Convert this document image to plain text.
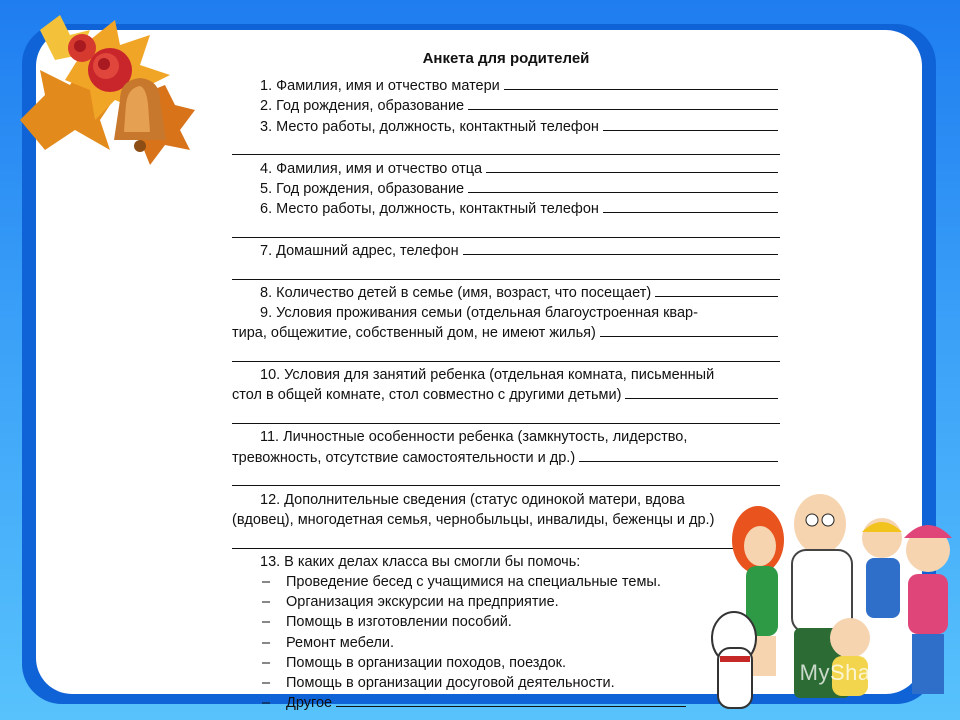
Анкета для родителей
1. Фамилия, имя и отчество матери
2. Год рождения, образование
3. Место работы, должность, контактный телефон
4. Фамилия, имя и отчество отца
5. Год рождения, образование
6. Место работы, должность, контактный телефон
7. Домашний адрес, телефон
8. Количество детей в семье (имя, возраст, что посещает)
9. Условия проживания семьи (отдельная благоустроенная квар-
тира, общежитие, собственный дом, не имеют жилья)
10. Условия для занятий ребенка (отдельная комната, письменный
стол в общей комнате, стол совместно с другими детьми)
11. Личностные особенности ребенка (замкнутость, лидерство,
тревожность, отсутствие самостоятельности и др.)
12. Дополнительные сведения (статус одинокой матери, вдова
(вдовец), многодетная семья, чернобыльцы, инвалиды, беженцы и др.)
13. В каких делах класса вы смогли бы помочь:
–	Проведение бесед с учащимися на специальные темы.
–	Организация экскурсии на предприятие.
–	Помощь в изготовлении пособий.
–	Ремонт мебели.
–	Помощь в организации походов, поездок.
–	Помощь в организации досуговой деятельности.
–	Другое
▣ MyShared
